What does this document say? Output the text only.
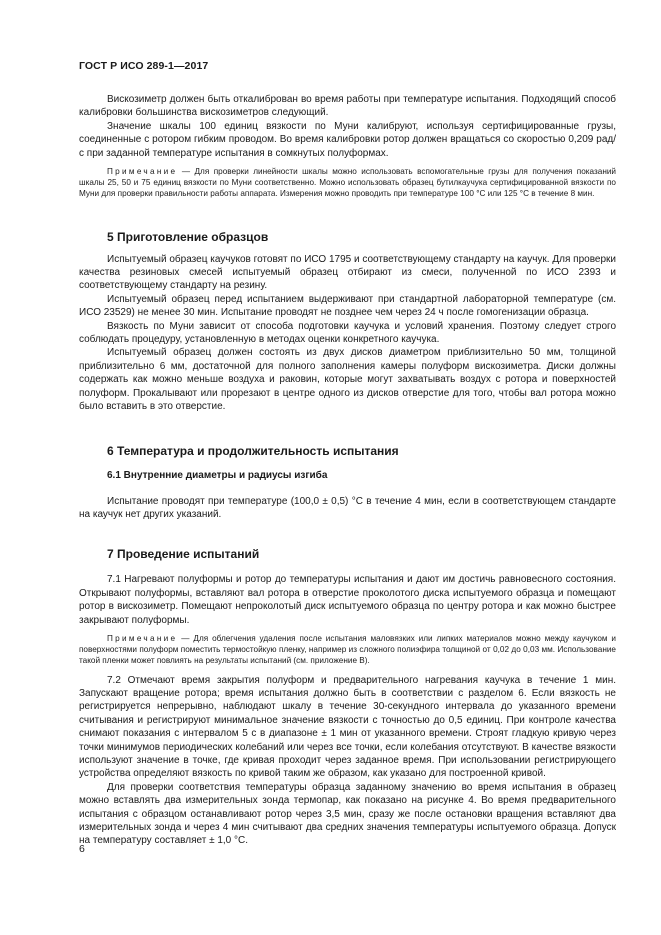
ГОСТ Р ИСО 289-1—2017

Вискозиметр должен быть откалиброван во время работы при температуре испытания. Подходящий способ калибровки большинства вискозиметров следующий.

Значение шкалы 100 единиц вязкости по Муни калибруют, используя сертифицированные грузы, соединенные с ротором гибким проводом. Во время калибровки ротор должен вращаться со скоростью 0,209 рад/с при заданной температуре испытания в сомкнутых полуформах.

Примечание — Для проверки линейности шкалы можно использовать вспомогательные грузы для получения показаний шкалы 25, 50 и 75 единиц вязкости по Муни соответственно. Можно использовать образец бутилкаучука сертифицированной вязкости по Муни для проверки правильности работы аппарата. Измерения можно проводить при температуре 100 °С или 125 °С в течение 8 мин.

5 Приготовление образцов

Испытуемый образец каучуков готовят по ИСО 1795 и соответствующему стандарту на каучук. Для проверки качества резиновых смесей испытуемый образец отбирают из смеси, полученной по ИСО 2393 и соответствующему стандарту на резину.

Испытуемый образец перед испытанием выдерживают при стандартной лабораторной температуре (см. ИСО 23529) не менее 30 мин. Испытание проводят не позднее чем через 24 ч после гомогенизации образца.

Вязкость по Муни зависит от способа подготовки каучука и условий хранения. Поэтому следует строго соблюдать процедуру, установленную в методах оценки конкретного каучука.

Испытуемый образец должен состоять из двух дисков диаметром приблизительно 50 мм, толщиной приблизительно 6 мм, достаточной для полного заполнения камеры полуформ вискозиметра. Диски должны содержать как можно меньше воздуха и раковин, которые могут захватывать воздух с ротора и поверхностей полуформ. Прокалывают или прорезают в центре одного из дисков отверстие для того, чтобы вал ротора можно было вставить в это отверстие.

6 Температура и продолжительность испытания
6.1 Внутренние диаметры и радиусы изгиба

Испытание проводят при температуре (100,0 ± 0,5) °С в течение 4 мин, если в соответствующем стандарте на каучук нет других указаний.

7 Проведение испытаний

7.1 Нагревают полуформы и ротор до температуры испытания и дают им достичь равновесного состояния. Открывают полуформы, вставляют вал ротора в отверстие проколотого диска испытуемого образца и помещают ротор в вискозиметр. Помещают непроколотый диск испытуемого образца по центру ротора и как можно быстрее закрывают полуформы.

Примечание — Для облегчения удаления после испытания маловязких или липких материалов можно между каучуком и поверхностями полуформ поместить термостойкую пленку, например из сложного полиэфира толщиной от 0,02 до 0,03 мм. Использование такой пленки может повлиять на результаты испытаний (см. приложение В).

7.2 Отмечают время закрытия полуформ и предварительного нагревания каучука в течение 1 мин. Запускают вращение ротора; время испытания должно быть в соответствии с разделом 6. Если вязкость не регистрируется непрерывно, наблюдают шкалу в течение 30-секундного интервала до указанного времени считывания и регистрируют минимальное значение вязкости с точностью до 0,5 единиц. При контроле качества снимают показания с интервалом 5 с в диапазоне ± 1 мин от указанного времени. Строят гладкую кривую через точки минимумов периодических колебаний или через все точки, если колебания отсутствуют. В качестве вязкости используют значение в точке, где кривая проходит через заданное время. При использовании регистрирующего устройства определяют вязкость по кривой таким же образом, как указано для построенной кривой.

Для проверки соответствия температуры образца заданному значению во время испытания в образец можно вставлять два измерительных зонда термопар, как показано на рисунке 4. Во время предварительного испытания с образцом останавливают ротор через 3,5 мин, сразу же после остановки вращения вставляют два измерительных зонда и через 4 мин считывают два средних значения температуры испытуемого образца. Допуск на температуру составляет ± 1,0 °С.

6
